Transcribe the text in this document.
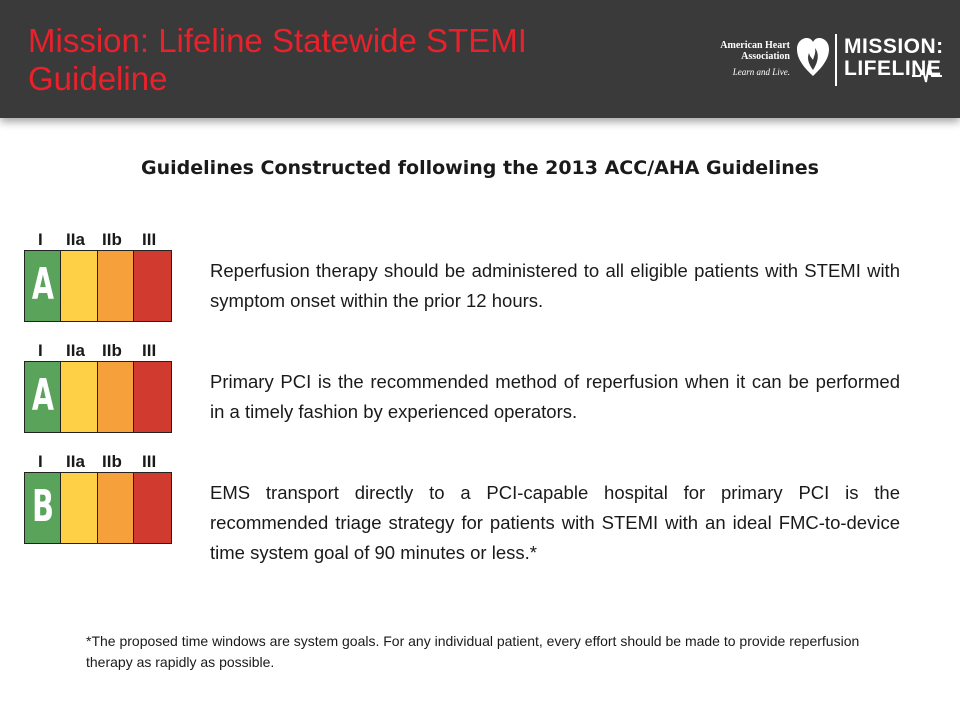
Mission: Lifeline Statewide STEMI Guideline
American Heart Association
Learn and Live.
MISSION: LIFELINE
Guidelines Constructed following the 2013 ACC/AHA Guidelines
I IIa IIb III
A	Reperfusion therapy should be administered to all eligible patients with STEMI with symptom onset within the prior 12 hours.
I IIa IIb III
A	Primary PCI is the recommended method of reperfusion when it can be performed in a timely fashion by experienced operators.
I IIa IIb III
B	EMS transport directly to a PCI-capable hospital for primary PCI is the recommended triage strategy for patients with STEMI with an ideal FMC-to-device time system goal of 90 minutes or less.*
*The proposed time windows are system goals. For any individual patient, every effort should be made to provide reperfusion therapy as rapidly as possible.
